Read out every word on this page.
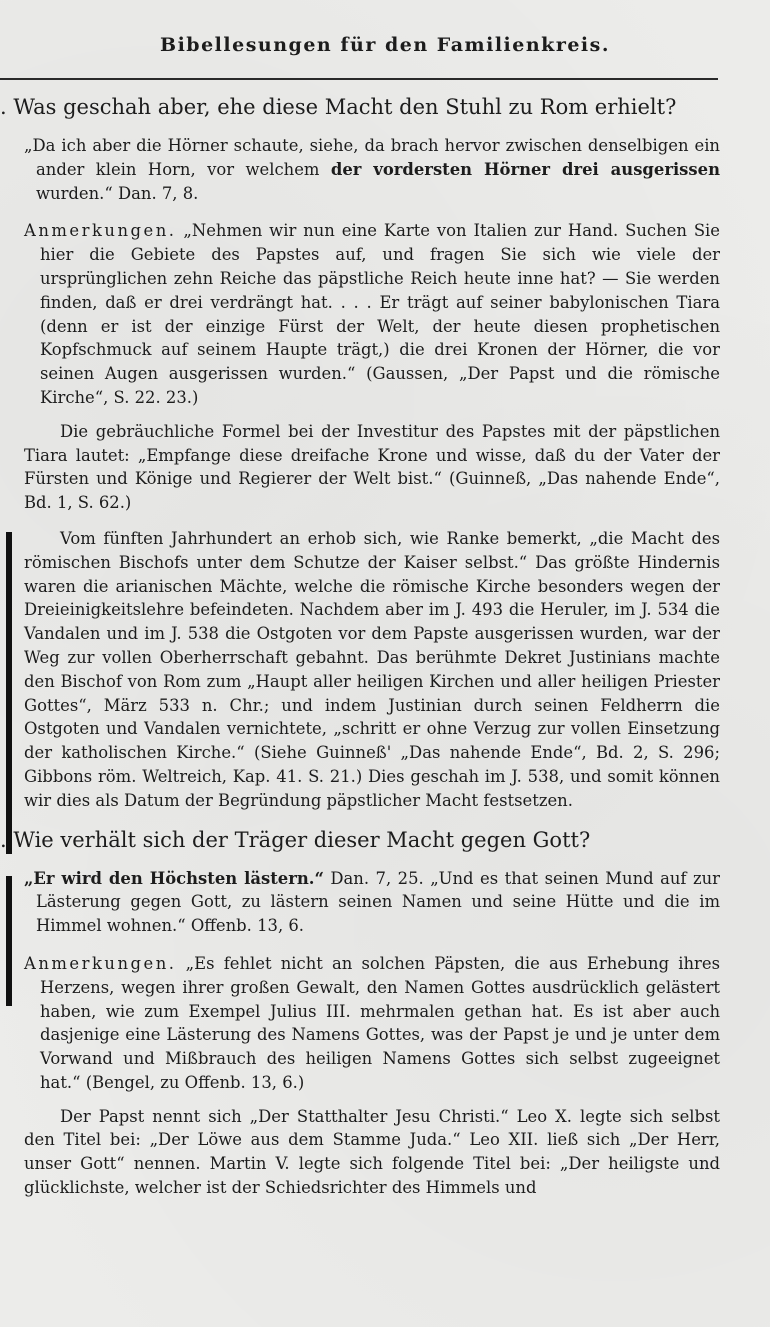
Bibellesungen für den Familienkreis.
. Was geschah aber, ehe diese Macht den Stuhl zu Rom erhielt?

„Da ich aber die Hörner schaute, siehe, da brach hervor zwischen denselbigen ein ander klein Horn, vor welchem der vordersten Hörner drei ausgerissen wurden.“ Dan. 7, 8.

Anmerkungen. „Nehmen wir nun eine Karte von Italien zur Hand. Suchen Sie hier die Gebiete des Papstes auf, und fragen Sie sich wie viele der ursprünglichen zehn Reiche das päpstliche Reich heute inne hat? — Sie werden finden, daß er drei verdrängt hat. . . . Er trägt auf seiner babylonischen Tiara (denn er ist der einzige Fürst der Welt, der heute diesen prophetischen Kopfschmuck auf seinem Haupte trägt,) die drei Kronen der Hörner, die vor seinen Augen ausgerissen wurden.“ (Gaussen, „Der Papst und die römische Kirche“, S. 22. 23.)

Die gebräuchliche Formel bei der Investitur des Papstes mit der päpstlichen Tiara lautet: „Empfange diese dreifache Krone und wisse, daß du der Vater der Fürsten und Könige und Regierer der Welt bist.“ (Guinneß, „Das nahende Ende“, Bd. 1, S. 62.)

Vom fünften Jahrhundert an erhob sich, wie Ranke bemerkt, „die Macht des römischen Bischofs unter dem Schutze der Kaiser selbst.“ Das größte Hindernis waren die arianischen Mächte, welche die römische Kirche besonders wegen der Dreieinigkeitslehre befeindeten. Nachdem aber im J. 493 die Heruler, im J. 534 die Vandalen und im J. 538 die Ostgoten vor dem Papste ausgerissen wurden, war der Weg zur vollen Oberherrschaft gebahnt. Das berühmte Dekret Justinians machte den Bischof von Rom zum „Haupt aller heiligen Kirchen und aller heiligen Priester Gottes“, März 533 n. Chr.; und indem Justinian durch seinen Feldherrn die Ostgoten und Vandalen vernichtete, „schritt er ohne Verzug zur vollen Einsetzung der katholischen Kirche.“ (Siehe Guinneß' „Das nahende Ende“, Bd. 2, S. 296; Gibbons röm. Weltreich, Kap. 41. S. 21.) Dies geschah im J. 538, und somit können wir dies als Datum der Begründung päpstlicher Macht festsetzen.

. Wie verhält sich der Träger dieser Macht gegen Gott?

„Er wird den Höchsten lästern.“ Dan. 7, 25. „Und es that seinen Mund auf zur Lästerung gegen Gott, zu lästern seinen Namen und seine Hütte und die im Himmel wohnen.“ Offenb. 13, 6.

Anmerkungen. „Es fehlet nicht an solchen Päpsten, die aus Erhebung ihres Herzens, wegen ihrer großen Gewalt, den Namen Gottes ausdrücklich gelästert haben, wie zum Exempel Julius III. mehrmalen gethan hat. Es ist aber auch dasjenige eine Lästerung des Namens Gottes, was der Papst je und je unter dem Vorwand und Mißbrauch des heiligen Namens Gottes sich selbst zugeeignet hat.“ (Bengel, zu Offenb. 13, 6.)

Der Papst nennt sich „Der Statthalter Jesu Christi.“ Leo X. legte sich selbst den Titel bei: „Der Löwe aus dem Stamme Juda.“ Leo XII. ließ sich „Der Herr, unser Gott“ nennen. Martin V. legte sich folgende Titel bei: „Der heiligste und glücklichste, welcher ist der Schiedsrichter des Himmels und
